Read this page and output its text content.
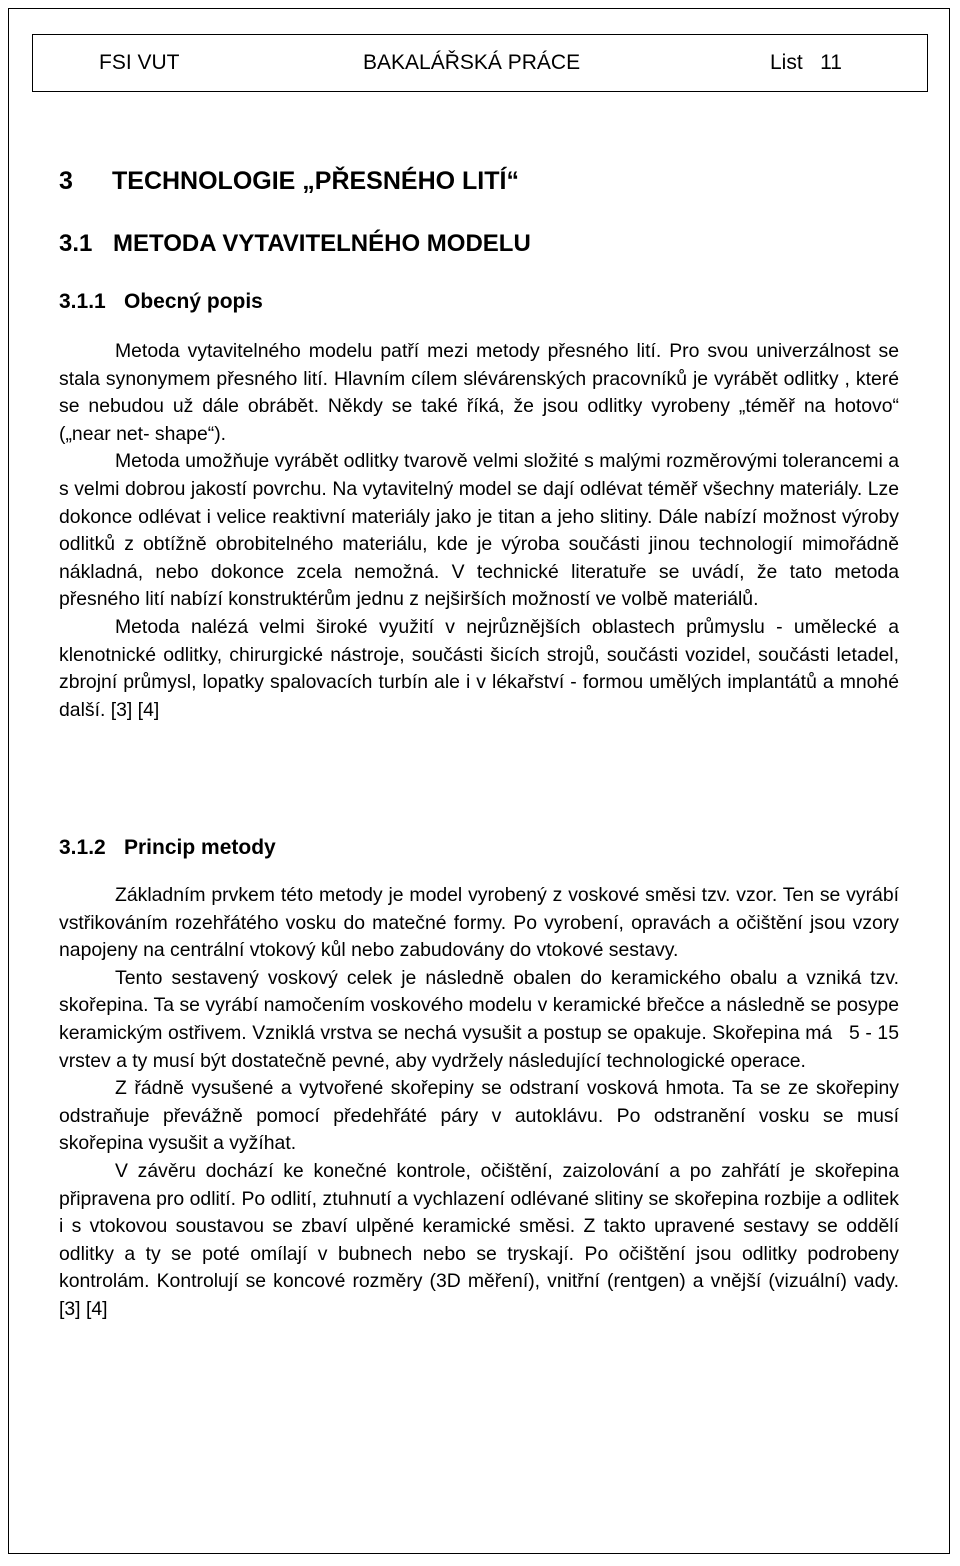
FSI VUT	BAKALÁŘSKÁ PRÁCE	List   11
3 TECHNOLOGIE „PŘESNÉHO LITÍ“
3.1 METODA VYTAVITELNÉHO MODELU
3.1.1 Obecný popis

Metoda vytavitelného modelu patří mezi metody přesného lití. Pro svou univerzálnost se stala synonymem přesného lití. Hlavním cílem slévárenských pracovníků je vyrábět odlitky , které se nebudou už dále obrábět. Někdy se také říká, že jsou odlitky vyrobeny „téměř na hotovo“ („near net- shape“).

Metoda umožňuje vyrábět odlitky tvarově velmi složité s malými rozměrovými tolerancemi a s velmi dobrou jakostí povrchu. Na vytavitelný model se dají odlévat téměř všechny materiály. Lze dokonce odlévat i velice reaktivní materiály jako je titan a jeho slitiny. Dále nabízí možnost výroby odlitků z obtížně obrobitelného materiálu, kde je výroba součásti jinou technologií mimořádně nákladná, nebo dokonce zcela nemožná. V technické literatuře se uvádí, že tato metoda přesného lití nabízí konstruktérům jednu z nejširších možností ve volbě materiálů.

Metoda nalézá velmi široké využití v nejrůznějších oblastech průmyslu - umělecké a klenotnické odlitky, chirurgické nástroje, součásti šicích strojů, součásti vozidel, součásti letadel, zbrojní průmysl, lopatky spalovacích turbín ale i v lékařství - formou umělých implantátů a mnohé další. [3] [4]

3.1.2 Princip metody

Základním prvkem této metody je model vyrobený z voskové směsi tzv. vzor. Ten se vyrábí vstřikováním rozehřátého vosku do matečné formy. Po vyrobení, opravách a očištění jsou vzory napojeny na centrální vtokový kůl nebo zabudovány do vtokové sestavy.

Tento sestavený voskový celek je následně obalen do keramického obalu a vzniká tzv. skořepina. Ta se vyrábí namočením voskového modelu v keramické břečce a následně se posype keramickým ostřivem. Vzniklá vrstva se nechá vysušit a postup se opakuje. Skořepina má   5 - 15 vrstev a ty musí být dostatečně pevné, aby vydržely následující technologické operace.

Z řádně vysušené a vytvořené skořepiny se odstraní vosková hmota. Ta se ze skořepiny odstraňuje převážně pomocí předehřáté páry v autoklávu. Po odstranění vosku se musí skořepina vysušit a vyžíhat.

V závěru dochází ke konečné kontrole, očištění, zaizolování a po zahřátí je skořepina připravena pro odlití. Po odlití, ztuhnutí a vychlazení odlévané slitiny se skořepina rozbije a odlitek i s vtokovou soustavou se zbaví ulpěné keramické směsi. Z takto upravené sestavy se oddělí odlitky a ty se poté omílají v bubnech nebo se tryskají. Po očištění jsou odlitky podrobeny kontrolám. Kontrolují se koncové rozměry (3D měření), vnitřní (rentgen) a vnější (vizuální) vady. [3] [4]
